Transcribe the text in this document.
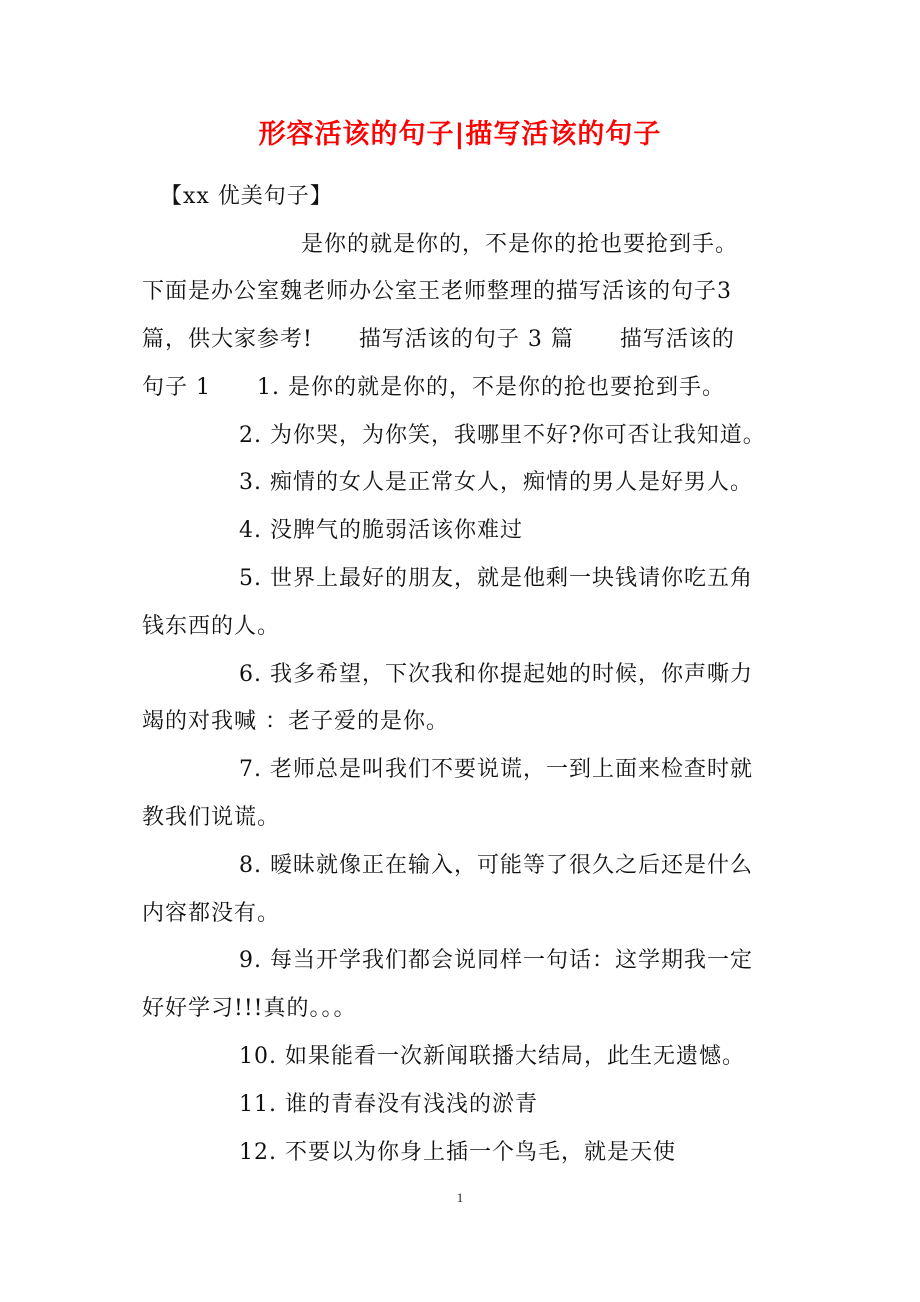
形容活该的句子|描写活该的句子
【xx 优美句子】
是你的就是你的，不是你的抢也要抢到手。
下面是办公室魏老师办公室王老师整理的描写活该的句子3
篇，供大家参考!　　描写活该的句子 3 篇　　描写活该的
句子 1　　1. 是你的就是你的，不是你的抢也要抢到手。
2. 为你哭，为你笑，我哪里不好?你可否让我知道。
3. 痴情的女人是正常女人，痴情的男人是好男人。
4. 没脾气的脆弱活该你难过
5. 世界上最好的朋友，就是他剩一块钱请你吃五角
钱东西的人。
6. 我多希望，下次我和你提起她的时候，你声嘶力
竭的对我喊 ：老子爱的是你。
7. 老师总是叫我们不要说谎，一到上面来检查时就
教我们说谎。
8. 暧昧就像正在输入，可能等了很久之后还是什么
内容都没有。
9. 每当开学我们都会说同样一句话：这学期我一定
好好学习!!!真的。。。
10. 如果能看一次新闻联播大结局，此生无遗憾。
11. 谁的青春没有浅浅的淤青
12. 不要以为你身上插一个鸟毛，就是天使
1
